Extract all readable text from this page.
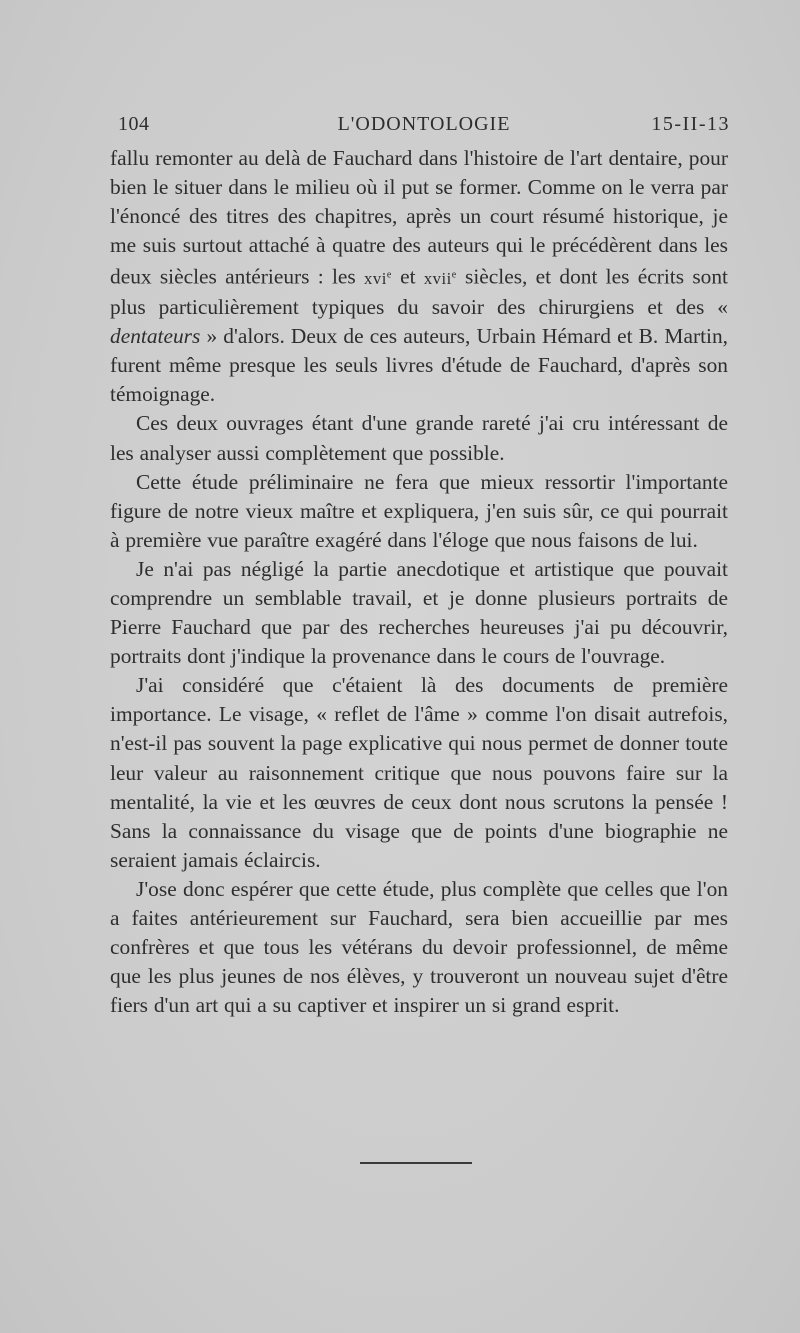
104	L'ODONTOLOGIE	15-II-13

fallu remonter au delà de Fauchard dans l'histoire de l'art dentaire, pour bien le situer dans le milieu où il put se former. Comme on le verra par l'énoncé des titres des chapitres, après un court résumé historique, je me suis surtout attaché à quatre des auteurs qui le précédèrent dans les deux siècles antérieurs : les xvi$^e$ et xvii$^e$ siècles, et dont les écrits sont plus particulièrement typiques du savoir des chirurgiens et des « dentateurs » d'alors. Deux de ces auteurs, Urbain Hémard et B. Martin, furent même presque les seuls livres d'étude de Fauchard, d'après son témoignage.

Ces deux ouvrages étant d'une grande rareté j'ai cru intéressant de les analyser aussi complètement que possible.

Cette étude préliminaire ne fera que mieux ressortir l'importante figure de notre vieux maître et expliquera, j'en suis sûr, ce qui pourrait à première vue paraître exagéré dans l'éloge que nous faisons de lui.

Je n'ai pas négligé la partie anecdotique et artistique que pouvait comprendre un semblable travail, et je donne plusieurs portraits de Pierre Fauchard que par des recherches heureuses j'ai pu découvrir, portraits dont j'indique la provenance dans le cours de l'ouvrage.

J'ai considéré que c'étaient là des documents de première importance. Le visage, « reflet de l'âme » comme l'on disait autrefois, n'est-il pas souvent la page explicative qui nous permet de donner toute leur valeur au raisonnement critique que nous pouvons faire sur la mentalité, la vie et les œuvres de ceux dont nous scrutons la pensée ! Sans la connaissance du visage que de points d'une biographie ne seraient jamais éclaircis.

J'ose donc espérer que cette étude, plus complète que celles que l'on a faites antérieurement sur Fauchard, sera bien accueillie par mes confrères et que tous les vétérans du devoir professionnel, de même que les plus jeunes de nos élèves, y trouveront un nouveau sujet d'être fiers d'un art qui a su captiver et inspirer un si grand esprit.
